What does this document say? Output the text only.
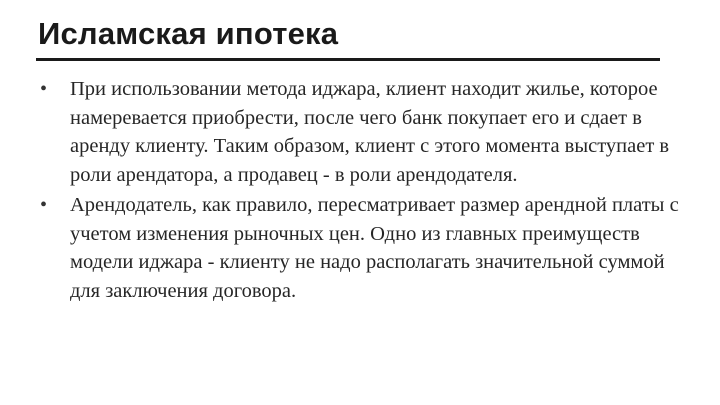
Исламская ипотека
• При использовании метода иджара, клиент находит жилье, которое намеревается приобрести, после чего банк покупает его и сдает в аренду клиенту. Таким образом, клиент с этого момента выступает в роли арендатора, а продавец - в роли арендодателя.
• Арендодатель, как правило, пересматривает размер арендной платы с учетом изменения рыночных цен. Одно из главных преимуществ модели иджара - клиенту не надо располагать значительной суммой для заключения договора.
